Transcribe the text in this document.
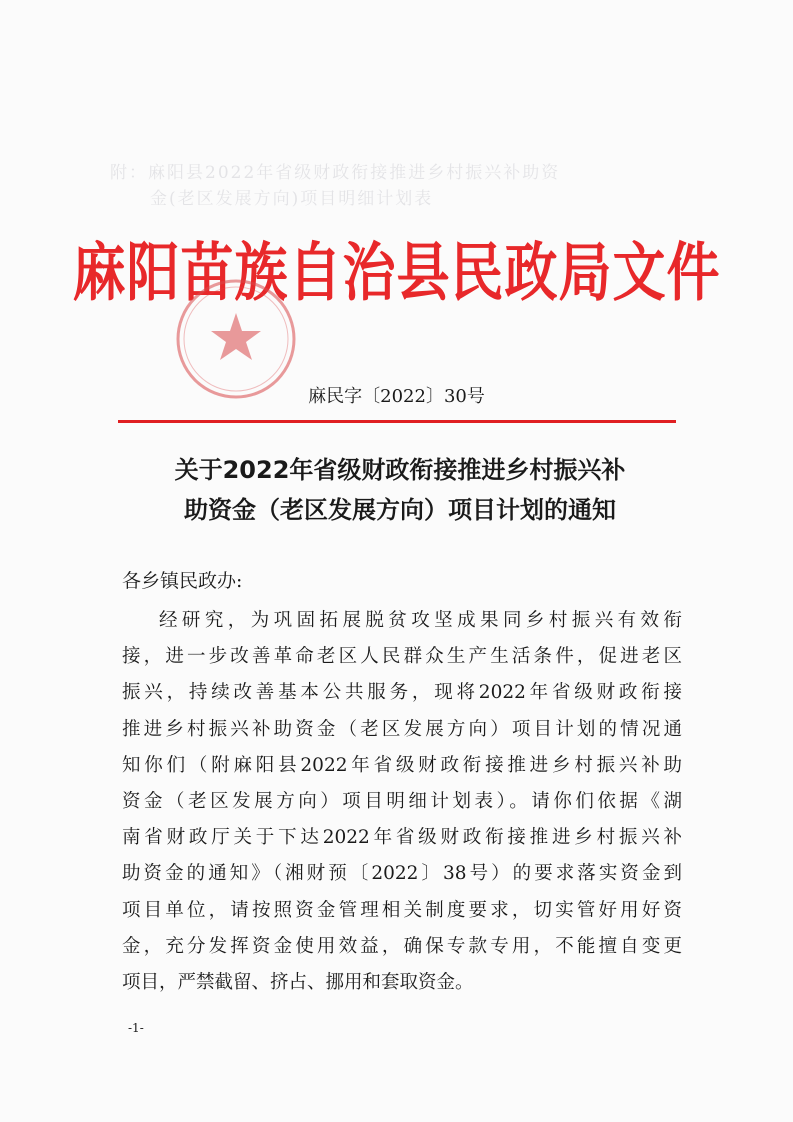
附：麻阳县2022年省级财政衔接推进乡村振兴补助资
金(老区发展方向)项目明细计划表
麻阳苗族自治县民政局文件
麻民字〔2022〕30号
关于2022年省级财政衔接推进乡村振兴补
助资金（老区发展方向）项目计划的通知
各乡镇民政办:
经研究，为巩固拓展脱贫攻坚成果同乡村振兴有效衔
接，进一步改善革命老区人民群众生产生活条件，促进老区
振兴，持续改善基本公共服务，现将2022年省级财政衔接
推进乡村振兴补助资金（老区发展方向）项目计划的情况通
知你们（附麻阳县2022年省级财政衔接推进乡村振兴补助
资金（老区发展方向）项目明细计划表）。请你们依据《湖
南省财政厅关于下达2022年省级财政衔接推进乡村振兴补
助资金的通知》（湘财预〔2022〕38号）的要求落实资金到
项目单位，请按照资金管理相关制度要求，切实管好用好资
金，充分发挥资金使用效益，确保专款专用，不能擅自变更
项目，严禁截留、挤占、挪用和套取资金。
-1-
